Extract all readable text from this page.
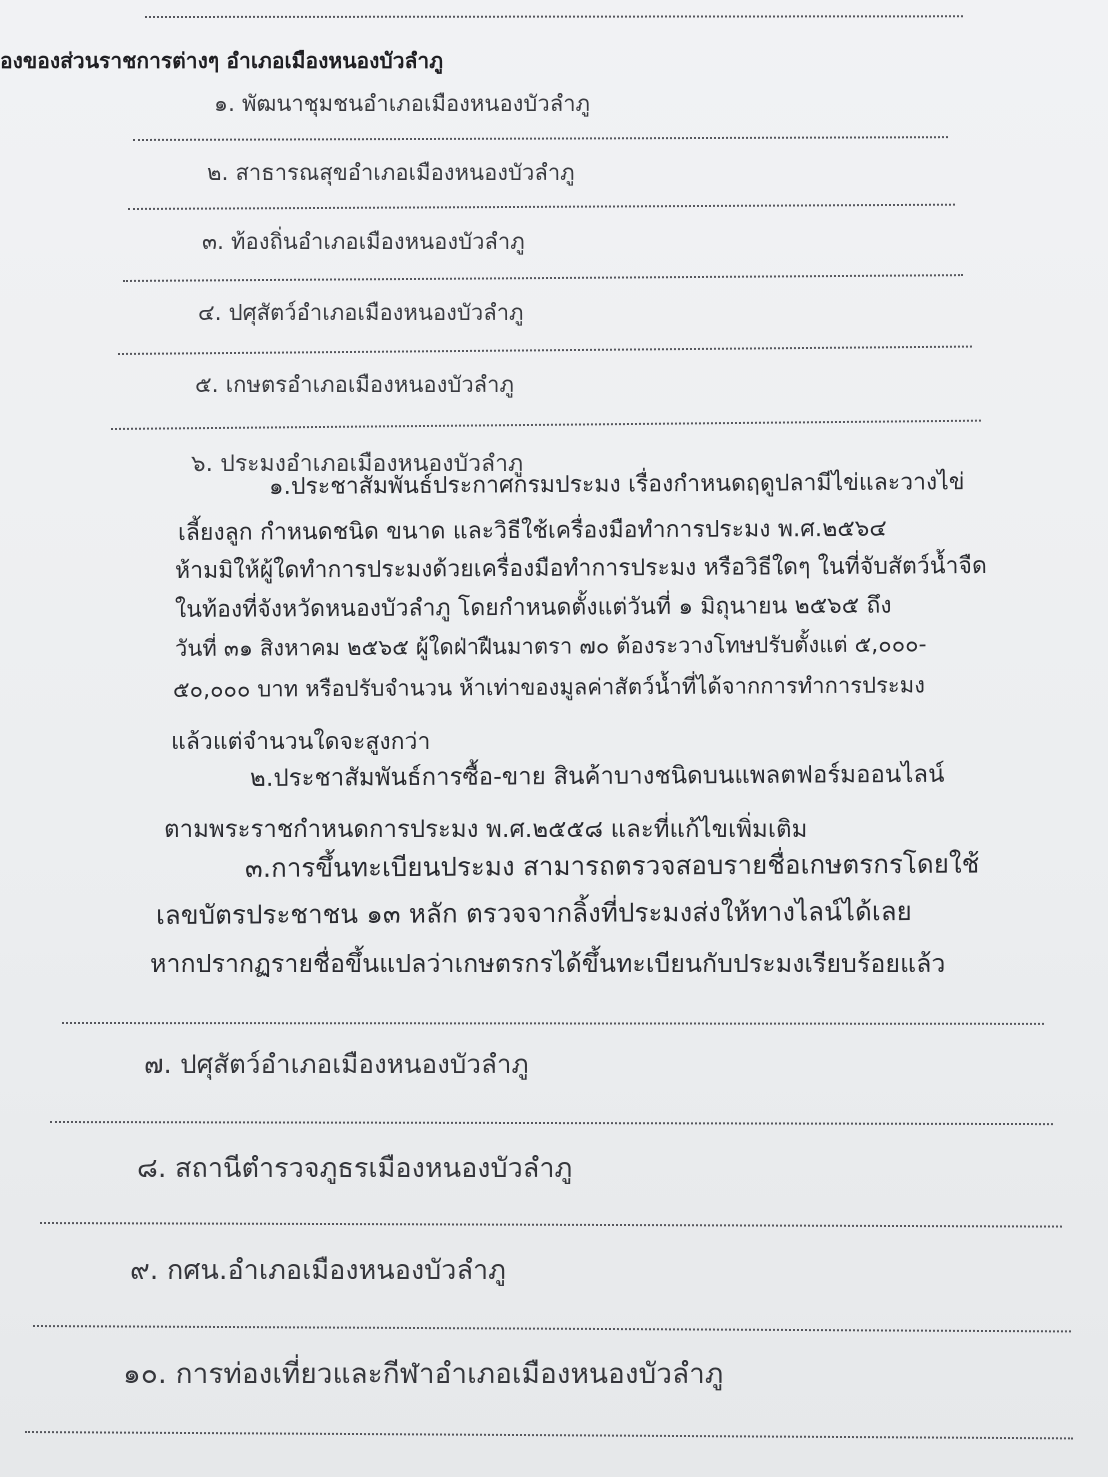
องของส่วนราชการต่างๆ อำเภอเมืองหนองบัวลำภู
๑. พัฒนาชุมชนอำเภอเมืองหนองบัวลำภู
๒. สาธารณสุขอำเภอเมืองหนองบัวลำภู
๓. ท้องถิ่นอำเภอเมืองหนองบัวลำภู
๔. ปศุสัตว์อำเภอเมืองหนองบัวลำภู
๕. เกษตรอำเภอเมืองหนองบัวลำภู
๖. ประมงอำเภอเมืองหนองบัวลำภู
๑.ประชาสัมพันธ์ประกาศกรมประมง เรื่องกำหนดฤดูปลามีไข่และวางไข่
เลี้ยงลูก กำหนดชนิด ขนาด และวิธีใช้เครื่องมือทำการประมง พ.ศ.๒๕๖๔
ห้ามมิให้ผู้ใดทำการประมงด้วยเครื่องมือทำการประมง หรือวิธีใดๆ ในที่จับสัตว์น้ำจืด
ในท้องที่จังหวัดหนองบัวลำภู โดยกำหนดตั้งแต่วันที่ ๑ มิถุนายน ๒๕๖๕ ถึง
วันที่ ๓๑ สิงหาคม ๒๕๖๕ ผู้ใดฝ่าฝืนมาตรา ๗๐ ต้องระวางโทษปรับตั้งแต่ ๕,๐๐๐-
๕๐,๐๐๐ บาท หรือปรับจำนวน ห้าเท่าของมูลค่าสัตว์น้ำที่ได้จากการทำการประมง
แล้วแต่จำนวนใดจะสูงกว่า
๒.ประชาสัมพันธ์การซื้อ-ขาย สินค้าบางชนิดบนแพลตฟอร์มออนไลน์
ตามพระราชกำหนดการประมง พ.ศ.๒๕๕๘ และที่แก้ไขเพิ่มเติม
๓.การขึ้นทะเบียนประมง สามารถตรวจสอบรายชื่อเกษตรกรโดยใช้
เลขบัตรประชาชน ๑๓ หลัก ตรวจจากลิ้งที่ประมงส่งให้ทางไลน์ได้เลย
หากปรากฏรายชื่อขึ้นแปลว่าเกษตรกรได้ขึ้นทะเบียนกับประมงเรียบร้อยแล้ว
๗. ปศุสัตว์อำเภอเมืองหนองบัวลำภู
๘. สถานีตำรวจภูธรเมืองหนองบัวลำภู
๙. กศน.อำเภอเมืองหนองบัวลำภู
๑๐. การท่องเที่ยวและกีฬาอำเภอเมืองหนองบัวลำภู
